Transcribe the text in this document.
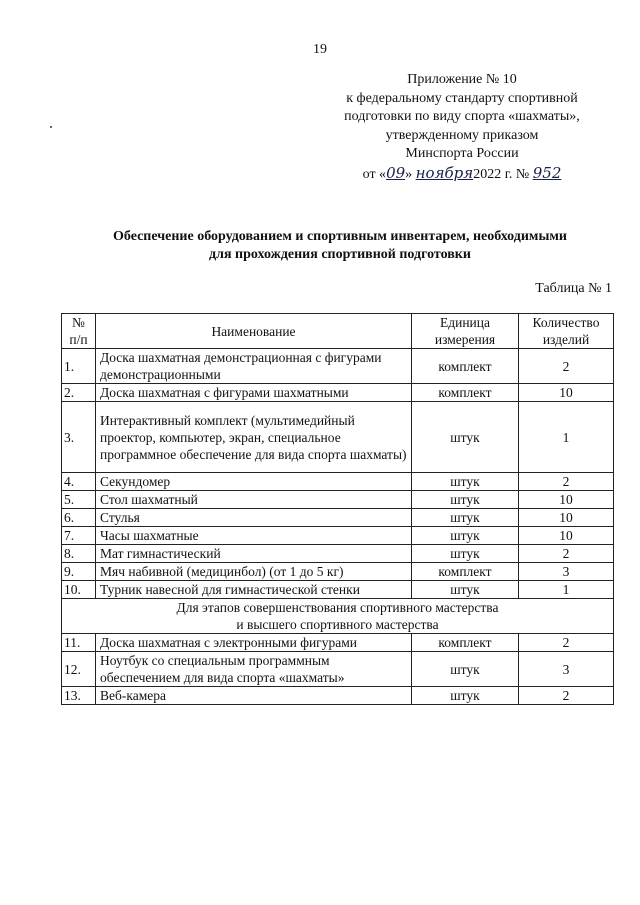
19
Приложение № 10
к федеральному стандарту спортивной
подготовки по виду спорта «шахматы»,
утвержденному приказом
Минспорта России
от «09» ноября2022 г. № 952
Обеспечение оборудованием и спортивным инвентарем, необходимыми
для прохождения спортивной подготовки
Таблица № 1
№ п/п	Наименование	Единица измерения	Количество изделий
1.	Доска шахматная демонстрационная с фигурами демонстрационными	комплект	2
2.	Доска шахматная с фигурами шахматными	комплект	10
3.	Интерактивный комплект (мультимедийный проектор, компьютер, экран, специальное программное обеспечение для вида спорта шахматы)	штук	1
4.	Секундомер	штук	2
5.	Стол шахматный	штук	10
6.	Стулья	штук	10
7.	Часы шахматные	штук	10
8.	Мат гимнастический	штук	2
9.	Мяч набивной (медицинбол) (от 1 до 5 кг)	комплект	3
10.	Турник навесной для гимнастической стенки	штук	1

Для этапов совершенствования спортивного мастерства
и высшего спортивного мастерства			

11.	Доска шахматная с электронными фигурами	комплект	2
12.	Ноутбук со специальным программным обеспечением для вида спорта «шахматы»	штук	3
13.	Веб-камера	штук	2
